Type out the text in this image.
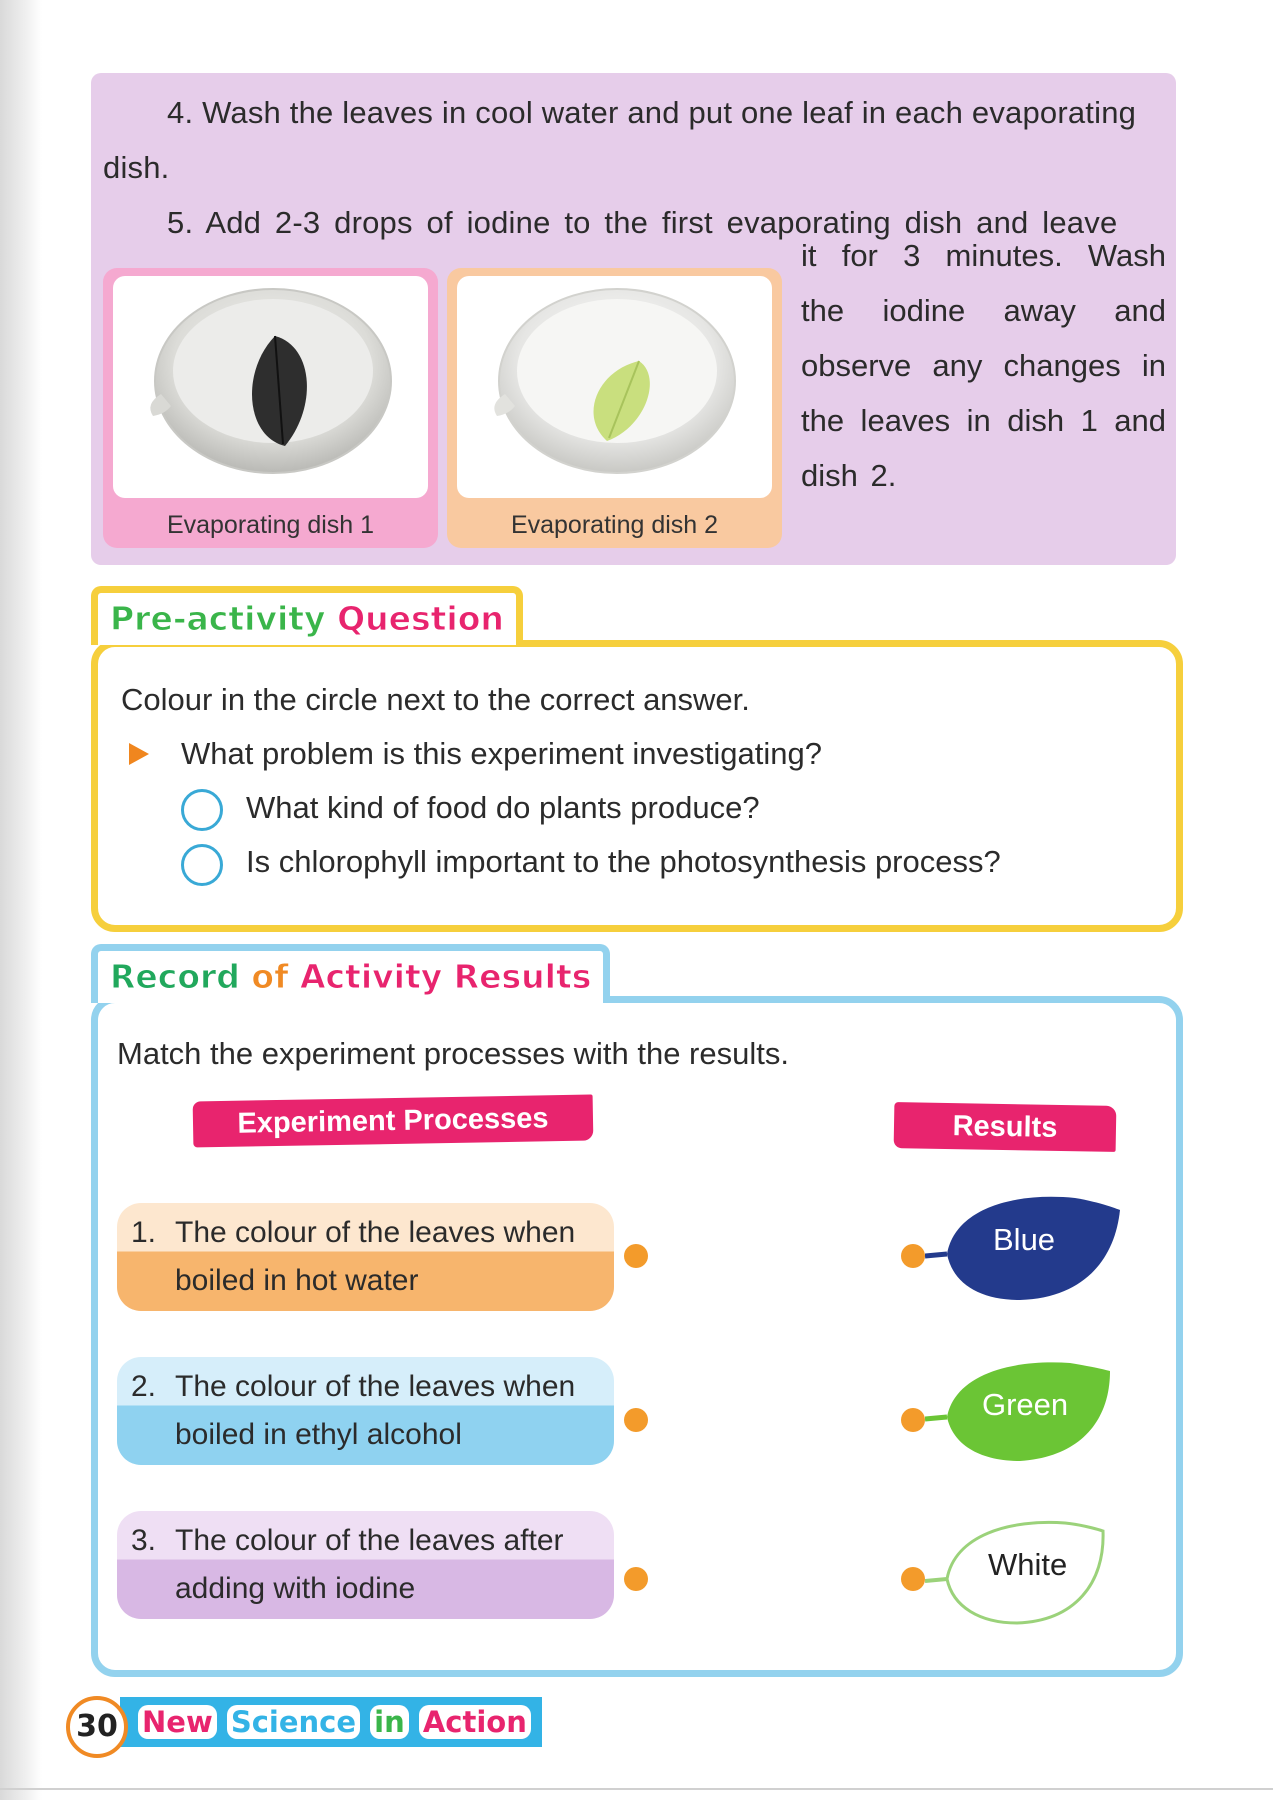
4. Wash the leaves in cool water and put one leaf in each evaporating
dish.
5. Add 2-3 drops of iodine to the first evaporating dish and leave
it for 3 minutes. Wash the iodine away and observe any changes in the leaves in dish 1 and dish 2.
Evaporating dish 1	Evaporating dish 2
Colour in the circle next to the correct answer.
What problem is this experiment investigating?
What kind of food do plants produce?
Is chlorophyll important to the photosynthesis process?
Pre-activity Question
Match the experiment processes with the results.
Experiment Processes	Results
Record of Activity Results
1. The colour of the leaves when
boiled in hot water
2. The colour of the leaves when
boiled in ethyl alcohol
3. The colour of the leaves after
adding with iodine
Blue
Green
White
New Science in Action
30
